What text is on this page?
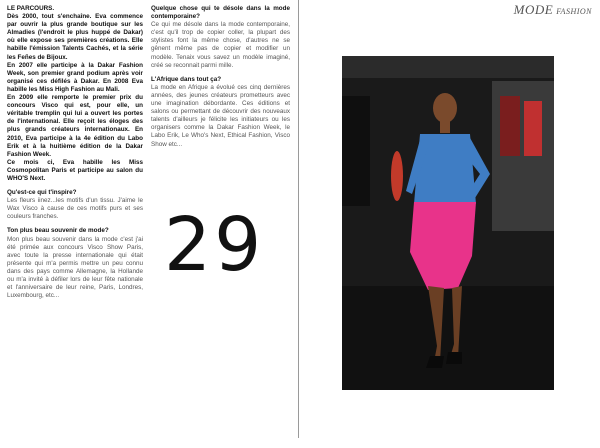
MODE FASHION
LE PARCOURS.

Dès 2000, tout s'enchaîne. Eva commence par ouvrir la plus grande boutique sur les Almadies (l'endroit le plus huppé de Dakar) où elle expose ses premières créations. Elle habille l'émission Talents Cachés, et la série les Feñes de Bijoux.

En 2007 elle participe à la Dakar Fashion Week, son premier grand podium après voir organisé ces défilés à Dakar. En 2008 Eva habille les Miss High Fashion au Mali.

En 2009 elle remporte le premier prix du concours Visco qui est, pour elle, un véritable tremplin qui lui a ouvert les portes de l'international. Elle reçoit les éloges des plus grands créateurs internationaux. En 2010, Eva participe à la 4e édition du Labo Erik et à la huitième édition de la Dakar Fashion Week.

Ce mois ci, Eva habille les Miss Cosmopolitan Paris et participe au salon du WHO'S Next.

Qu'est-ce qui t'inspire?

Les fleurs iinez...les motifs d'un tissu. J'aime le Wax Visco à cause de ces motifs purs et ses couleurs franches.

Ton plus beau souvenir de mode?

Mon plus beau souvenir dans la mode c'est j'ai été primée aux concours Visco Show Paris, avec toute la presse internationale qui était présente qui m'a permis mettre un peu connu dans des pays comme Allemagne, la Hollande ou m'a invité à défiler lors de leur fête nationale et l'anniversaire de leur reine, Paris, Londres, Luxembourg, etc...

Quelque chose qui te désole dans la mode contemporaine?

Ce qui me désole dans la mode contemporaine, c'est qu'il trop de copier coller, la plupart des stylistes font la même chose, d'autres ne se gênent même pas de copier et modifier un modèle. Tenaix vous savez un modèle imaginé, créé se reconnait parmi mille.

L'Afrique dans tout ça?

La mode en Afrique a évolué ces cinq dernières années, des jeunes créateurs prometteurs avec une imagination débordante. Ces éditions et salons ou permettant de découvrir des nouveaux talents d'ailleurs je félicite les initiateurs ou les organisers comme la Dakar Fashion Week, le Labo Erik, Le Who's Next, Ethical Fashion, Visco Show etc...

29
